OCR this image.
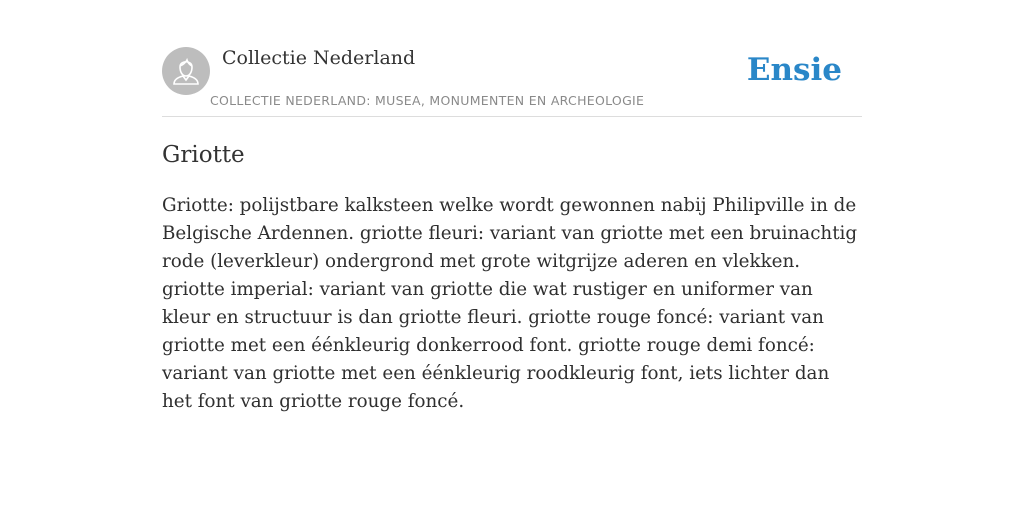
Collectie Nederland
COLLECTIE NEDERLAND: MUSEA, MONUMENTEN EN ARCHEOLOGIE
Ensie
Griotte

Griotte: polijstbare kalksteen welke wordt gewonnen nabij Philipville in de Belgische Ardennen. griotte fleuri: variant van griotte met een bruinachtig rode (leverkleur) ondergrond met grote witgrijze aderen en vlekken. griotte imperial: variant van griotte die wat rustiger en uniformer van kleur en structuur is dan griotte fleuri. griotte rouge foncé: variant van griotte met een éénkleurig donkerrood font. griotte rouge demi foncé: variant van griotte met een éénkleurig roodkleurig font, iets lichter dan het font van griotte rouge foncé.
